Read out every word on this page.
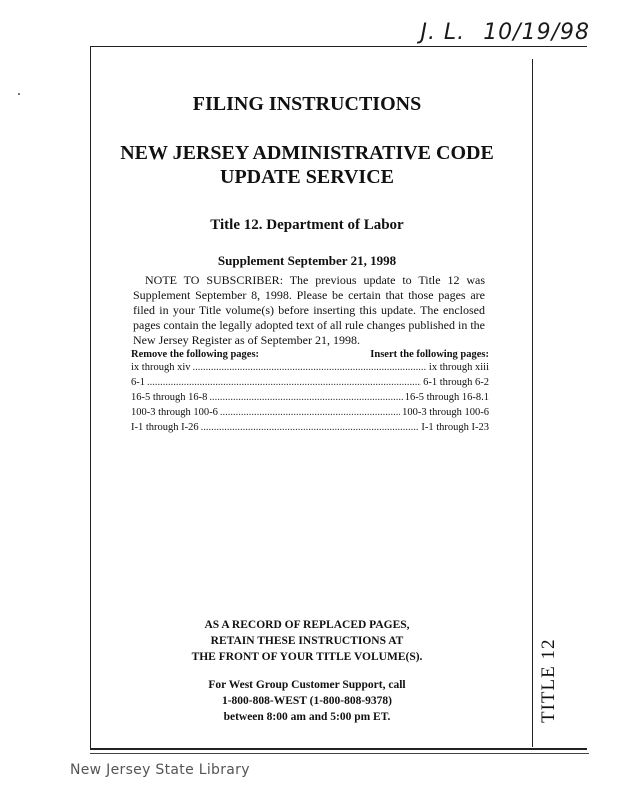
J. L. 10/19/98
FILING INSTRUCTIONS
NEW JERSEY ADMINISTRATIVE CODE
UPDATE SERVICE
Title 12. Department of Labor
Supplement September 21, 1998
NOTE TO SUBSCRIBER: The previous update to Title 12 was Supplement September 8, 1998. Please be certain that those pages are filed in your Title volume(s) before inserting this update. The enclosed pages contain the legally adopted text of all rule changes published in the New Jersey Register as of September 21, 1998.
Remove the following pages:	Insert the following pages:
ix through xiv .....	ix through xiii
6-1 .....	6-1 through 6-2
16-5 through 16-8 .....	16-5 through 16-8.1
100-3 through 100-6 .....	100-3 through 100-6
I-1 through I-26 .....	I-1 through I-23
AS A RECORD OF REPLACED PAGES,
RETAIN THESE INSTRUCTIONS AT
THE FRONT OF YOUR TITLE VOLUME(S).
For West Group Customer Support, call
1-800-808-WEST (1-800-808-9378)
between 8:00 am and 5:00 pm ET.	TITLE 12
New Jersey State Library
